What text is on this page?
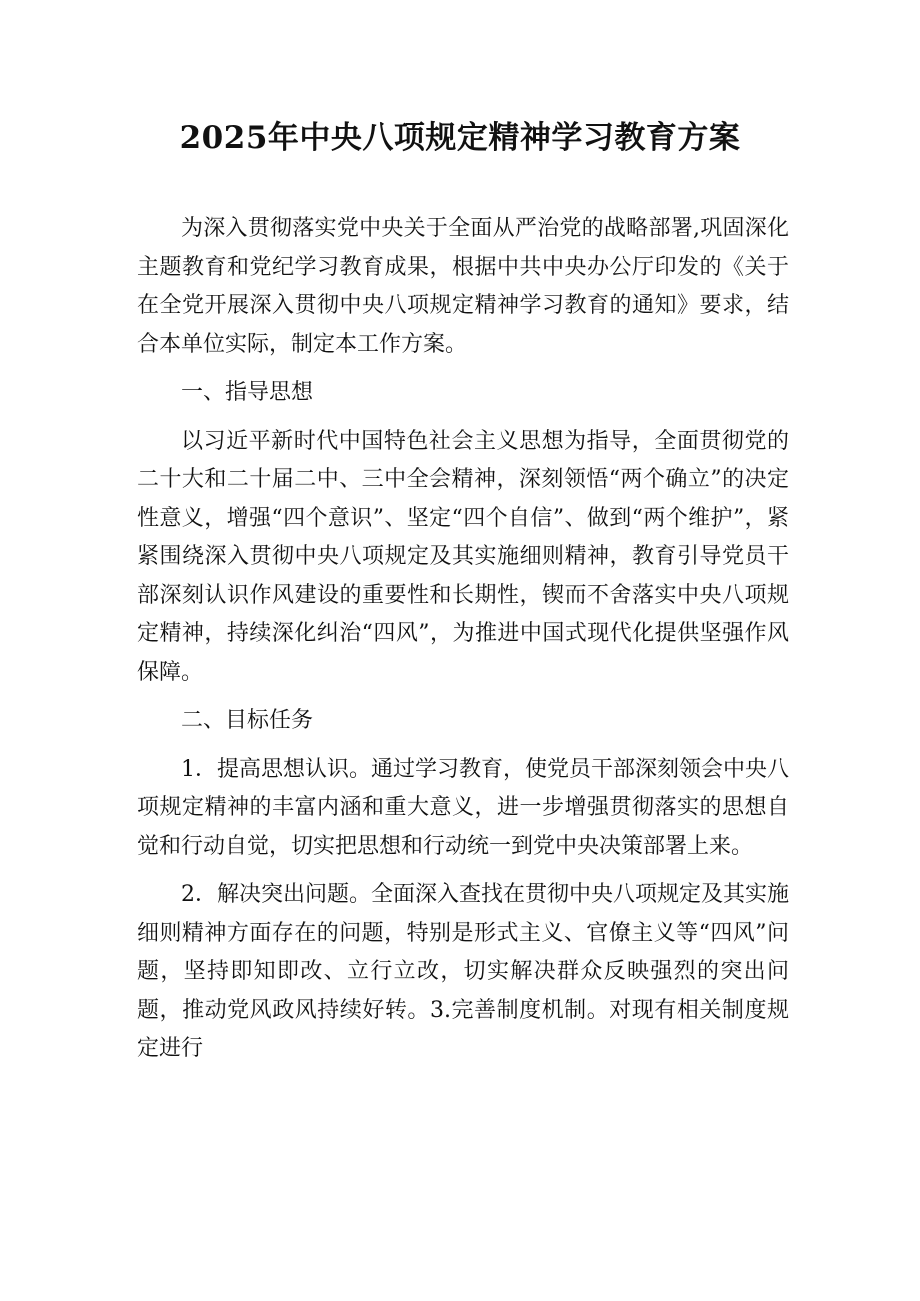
2025年中央八项规定精神学习教育方案

为深入贯彻落实党中央关于全面从严治党的战略部署,巩固深化主题教育和党纪学习教育成果，根据中共中央办公厅印发的《关于在全党开展深入贯彻中央八项规定精神学习教育的通知》要求，结合本单位实际，制定本工作方案。

一、指导思想

以习近平新时代中国特色社会主义思想为指导，全面贯彻党的二十大和二十届二中、三中全会精神，深刻领悟“两个确立”的决定性意义，增强“四个意识”、坚定“四个自信”、做到“两个维护”，紧紧围绕深入贯彻中央八项规定及其实施细则精神，教育引导党员干部深刻认识作风建设的重要性和长期性，锲而不舍落实中央八项规定精神，持续深化纠治“四风”，为推进中国式现代化提供坚强作风保障。

二、目标任务

1．提高思想认识。通过学习教育，使党员干部深刻领会中央八项规定精神的丰富内涵和重大意义，进一步增强贯彻落实的思想自觉和行动自觉，切实把思想和行动统一到党中央决策部署上来。

2．解决突出问题。全面深入查找在贯彻中央八项规定及其实施细则精神方面存在的问题，特别是形式主义、官僚主义等“四风”问题，坚持即知即改、立行立改，切实解决群众反映强烈的突出问题，推动党风政风持续好转。3.完善制度机制。对现有相关制度规定进行
